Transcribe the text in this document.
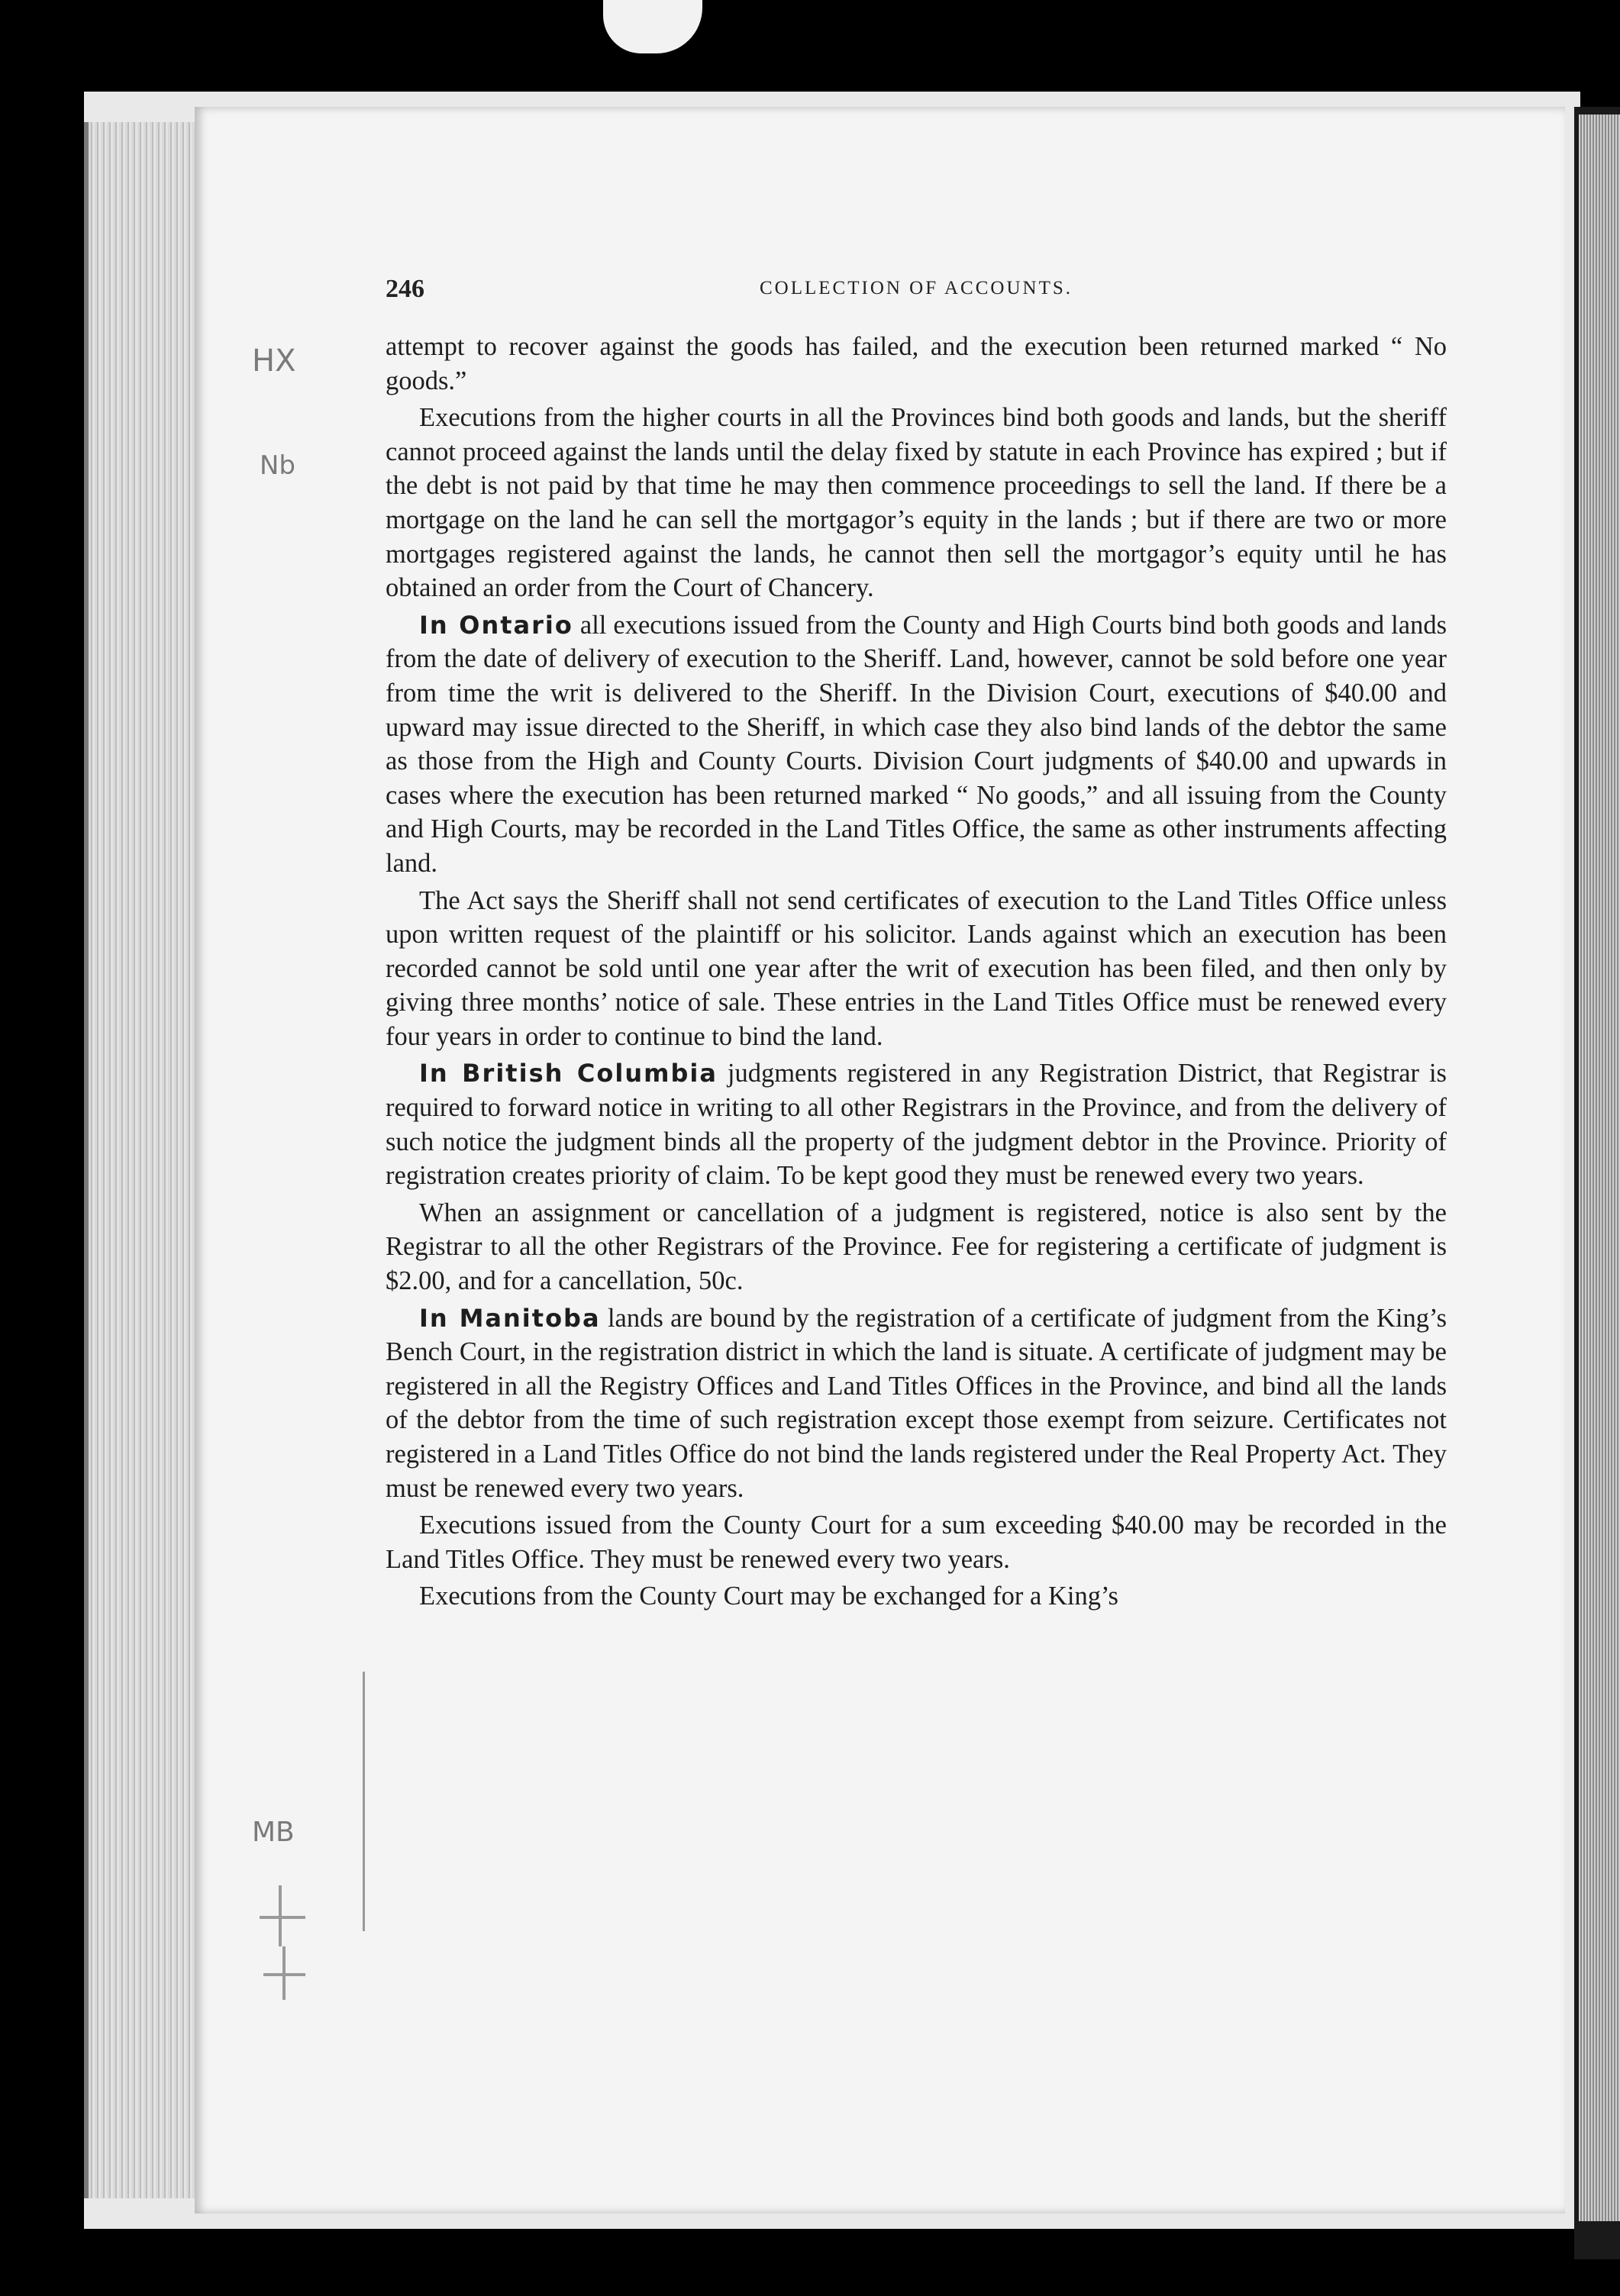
246	COLLECTION OF ACCOUNTS.
HX
Nb
MB

attempt to recover against the goods has failed, and the execution been returned marked “ No goods.”

Executions from the higher courts in all the Provinces bind both goods and lands, but the sheriff cannot proceed against the lands until the delay fixed by statute in each Province has expired ; but if the debt is not paid by that time he may then commence proceedings to sell the land. If there be a mortgage on the land he can sell the mortgagor’s equity in the lands ; but if there are two or more mortgages registered against the lands, he cannot then sell the mortgagor’s equity until he has obtained an order from the Court of Chancery.

In Ontario all executions issued from the County and High Courts bind both goods and lands from the date of delivery of execution to the Sheriff. Land, however, cannot be sold before one year from time the writ is delivered to the Sheriff. In the Division Court, executions of $40.00 and upward may issue directed to the Sheriff, in which case they also bind lands of the debtor the same as those from the High and County Courts. Division Court judgments of $40.00 and upwards in cases where the execution has been returned marked “ No goods,” and all issuing from the County and High Courts, may be recorded in the Land Titles Office, the same as other instruments affecting land.

The Act says the Sheriff shall not send certificates of execution to the Land Titles Office unless upon written request of the plaintiff or his solicitor. Lands against which an execution has been recorded cannot be sold until one year after the writ of execution has been filed, and then only by giving three months’ notice of sale. These entries in the Land Titles Office must be renewed every four years in order to continue to bind the land.

In British Columbia judgments registered in any Registration District, that Registrar is required to forward notice in writing to all other Registrars in the Province, and from the delivery of such notice the judgment binds all the property of the judgment debtor in the Province. Priority of registration creates priority of claim. To be kept good they must be renewed every two years.

When an assignment or cancellation of a judgment is registered, notice is also sent by the Registrar to all the other Registrars of the Province. Fee for registering a certificate of judgment is $2.00, and for a cancellation, 50c.

In Manitoba lands are bound by the registration of a certificate of judgment from the King’s Bench Court, in the registration district in which the land is situate. A certificate of judgment may be registered in all the Registry Offices and Land Titles Offices in the Province, and bind all the lands of the debtor from the time of such registration except those exempt from seizure. Certificates not registered in a Land Titles Office do not bind the lands registered under the Real Property Act. They must be renewed every two years.

Executions issued from the County Court for a sum exceeding $40.00 may be recorded in the Land Titles Office. They must be renewed every two years.

Executions from the County Court may be exchanged for a King’s
